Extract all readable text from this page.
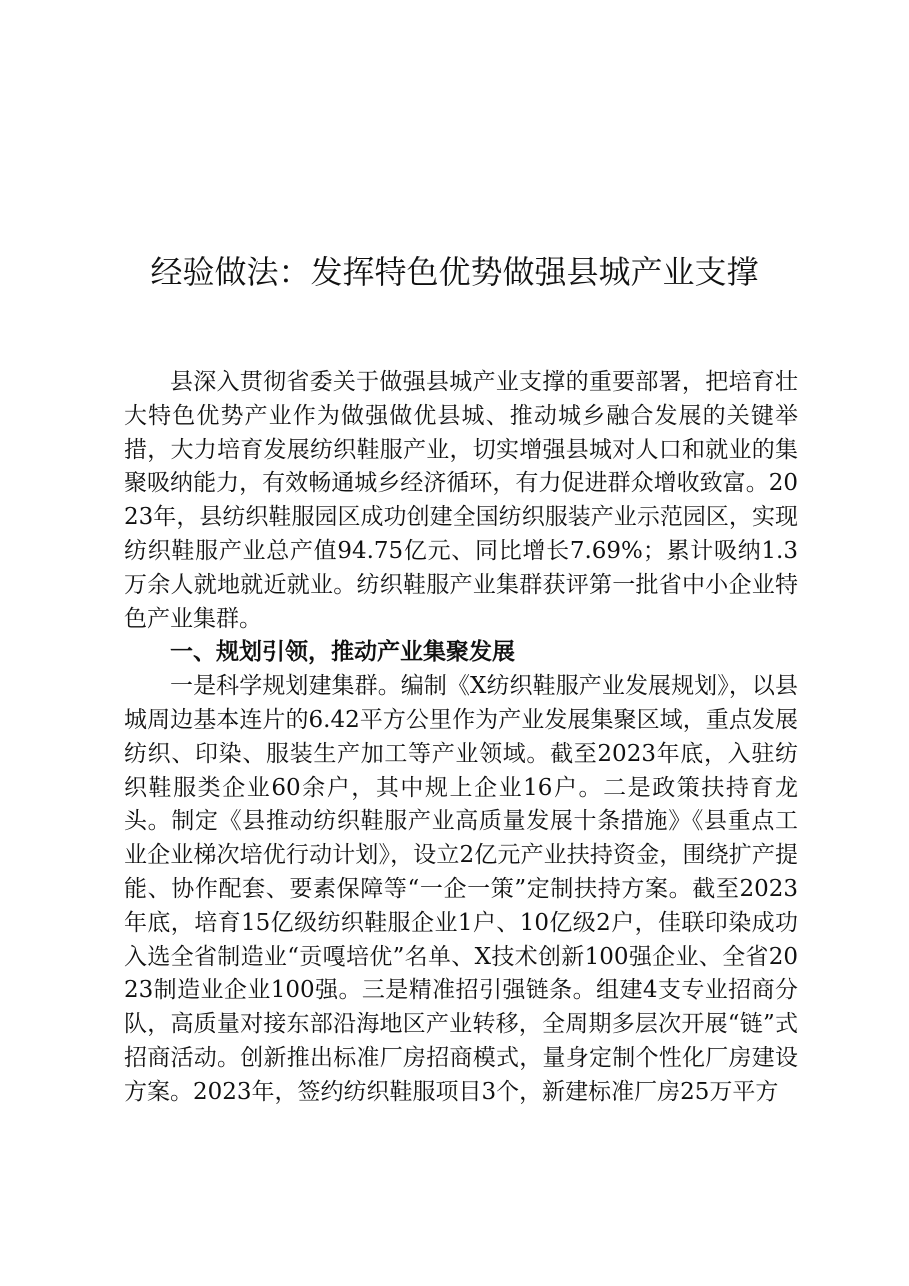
经验做法：发挥特色优势做强县城产业支撑

县深入贯彻省委关于做强县城产业支撑的重要部署，把培育壮大特色优势产业作为做强做优县城、推动城乡融合发展的关键举措，大力培育发展纺织鞋服产业，切实增强县城对人口和就业的集聚吸纳能力，有效畅通城乡经济循环，有力促进群众增收致富。2023年，县纺织鞋服园区成功创建全国纺织服装产业示范园区，实现纺织鞋服产业总产值94.75亿元、同比增长7.69%；累计吸纳1.3万余人就地就近就业。纺织鞋服产业集群获评第一批省中小企业特色产业集群。

一、规划引领，推动产业集聚发展

一是科学规划建集群。编制《X纺织鞋服产业发展规划》，以县城周边基本连片的6.42平方公里作为产业发展集聚区域，重点发展纺织、印染、服装生产加工等产业领域。截至2023年底，入驻纺织鞋服类企业60余户，其中规上企业16户。二是政策扶持育龙头。制定《县推动纺织鞋服产业高质量发展十条措施》《县重点工业企业梯次培优行动计划》，设立2亿元产业扶持资金，围绕扩产提能、协作配套、要素保障等“一企一策”定制扶持方案。截至2023年底，培育15亿级纺织鞋服企业1户、10亿级2户，佳联印染成功入选全省制造业“贡嘎培优”名单、X技术创新100强企业、全省2023制造业企业100强。三是精准招引强链条。组建4支专业招商分队，高质量对接东部沿海地区产业转移，全周期多层次开展“链”式招商活动。创新推出标准厂房招商模式，量身定制个性化厂房建设方案。2023年，签约纺织鞋服项目3个，新建标准厂房25万平方
